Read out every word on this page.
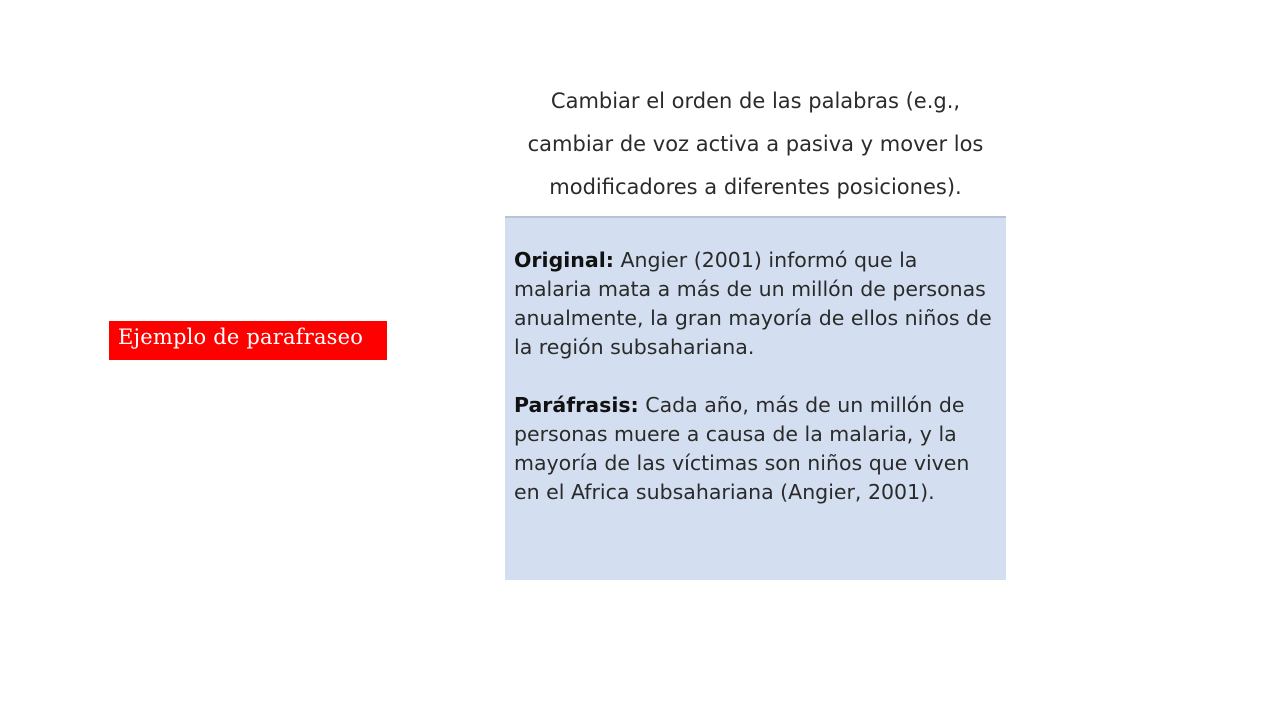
Ejemplo de parafraseo
Cambiar el orden de las palabras (e.g., cambiar de voz activa a pasiva y mover los modificadores a diferentes posiciones).

Original: Angier (2001) informó que la malaria mata a más de un millón de personas anualmente, la gran mayoría de ellos niños de la región subsahariana.

Paráfrasis: Cada año, más de un millón de personas muere a causa de la malaria, y la mayoría de las víctimas son niños que viven en el Africa subsahariana (Angier, 2001).
